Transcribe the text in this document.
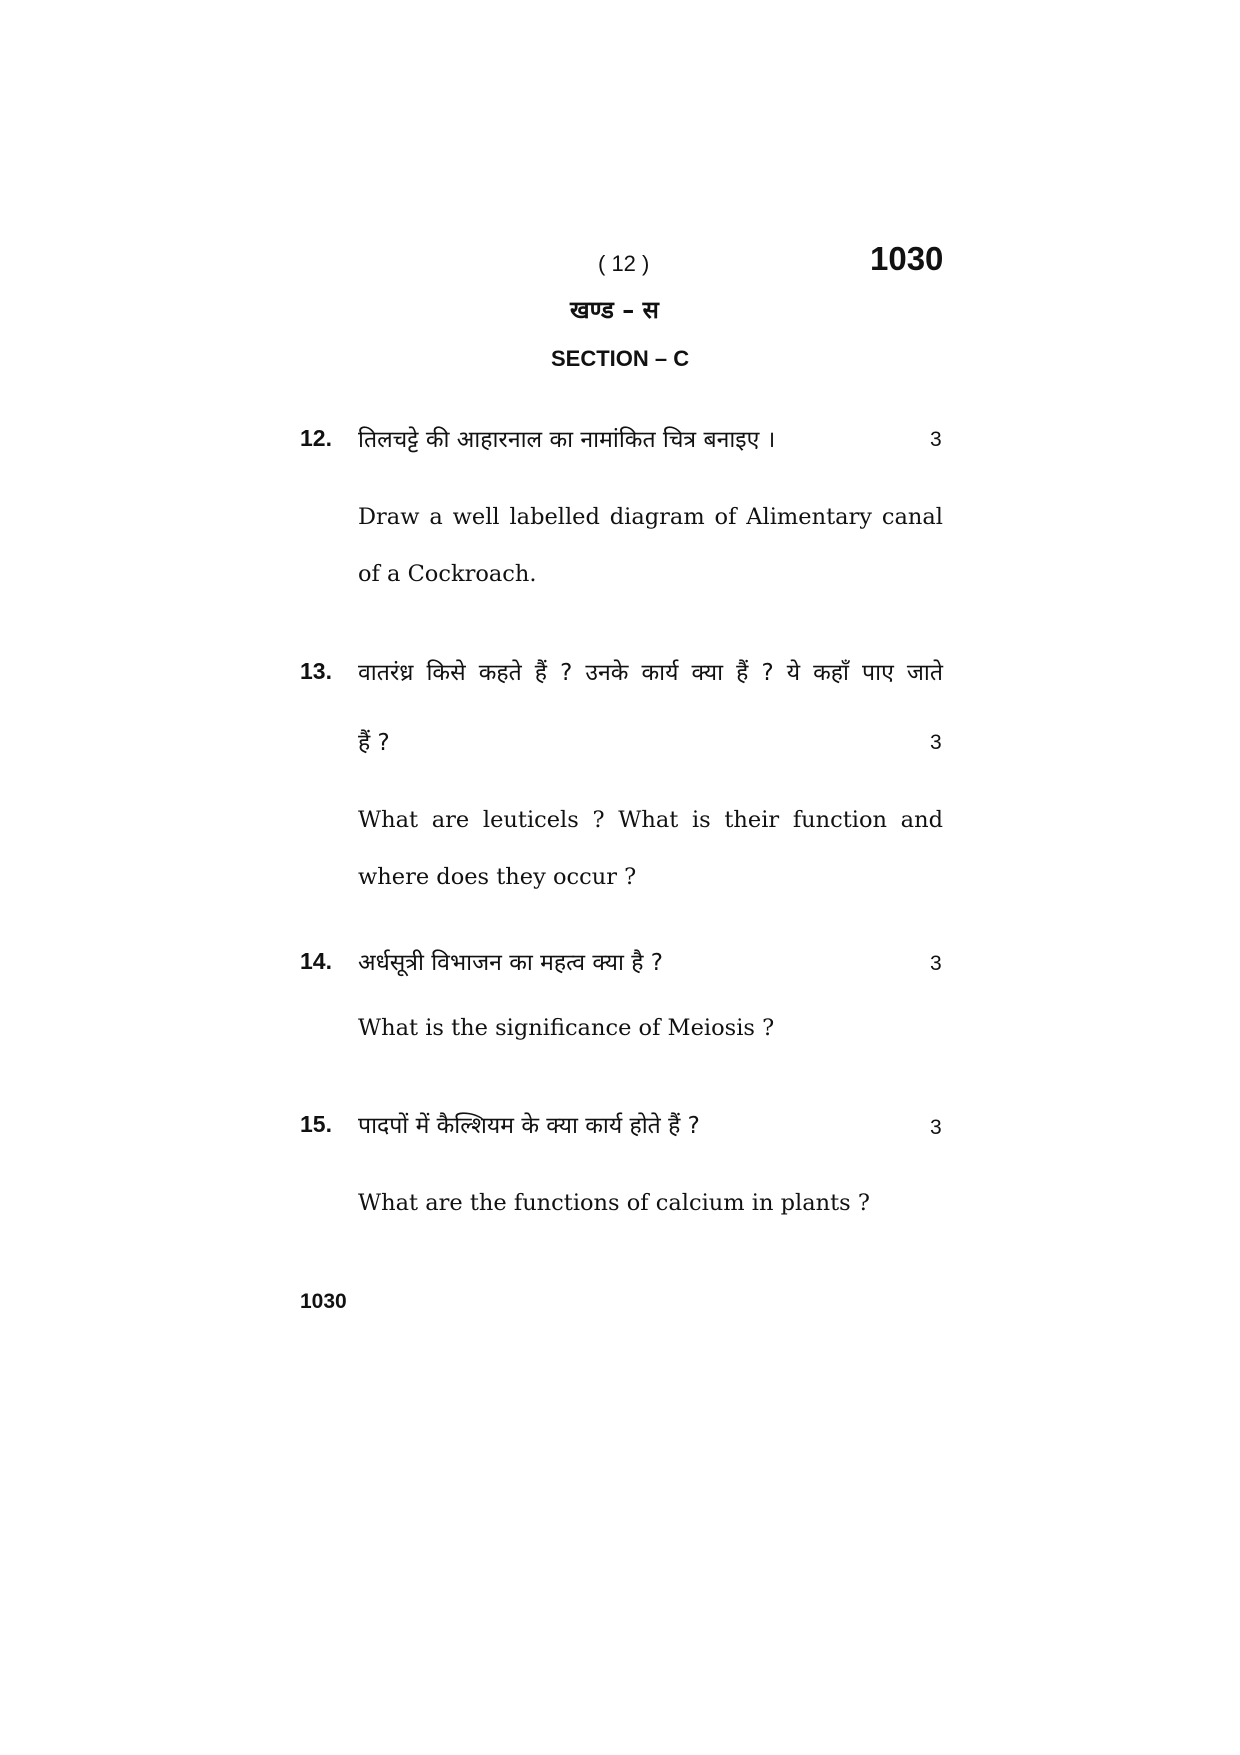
( 12 )	1030
खण्ड – स
SECTION – C
12. तिलचट्टे की आहारनाल का नामांकित चित्र बनाइए ।	3
Draw a well labelled diagram of Alimentary canal
of a Cockroach.
13. वातरंध्र किसे कहते हैं ? उनके कार्य क्या हैं ? ये कहाँ पाए जाते
हैं ?	3
What are leuticels ? What is their function and
where does they occur ?
14. अर्धसूत्री विभाजन का महत्व क्या है ?	3
What is the significance of Meiosis ?
15. पादपों में कैल्शियम के क्या कार्य होते हैं ?	3
What are the functions of calcium in plants ?
1030
